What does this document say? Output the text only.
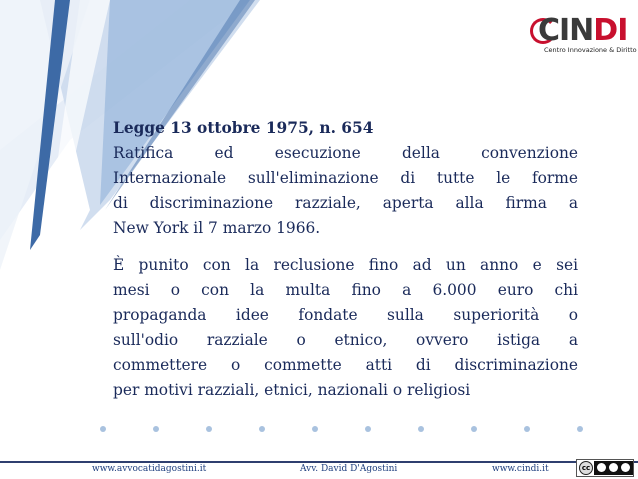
CINDI
Centro Innovazione & Diritto
Legge 13 ottobre 1975, n. 654
Ratifica ed esecuzione della convenzione
Internazionale sull'eliminazione di tutte le forme
di discriminazione razziale, aperta alla firma a
New York il 7 marzo 1966.
È punito con la reclusione fino ad un anno e sei
mesi o con la multa fino a 6.000 euro chi
propaganda idee fondate sulla superiorità o
sull'odio razziale o etnico, ovvero istiga a
commettere o commette atti di discriminazione
per motivi razziali, etnici, nazionali o religiosi
www.avvocatidagostini.it	Avv. David D'Agostini	www.cindi.it	cc
